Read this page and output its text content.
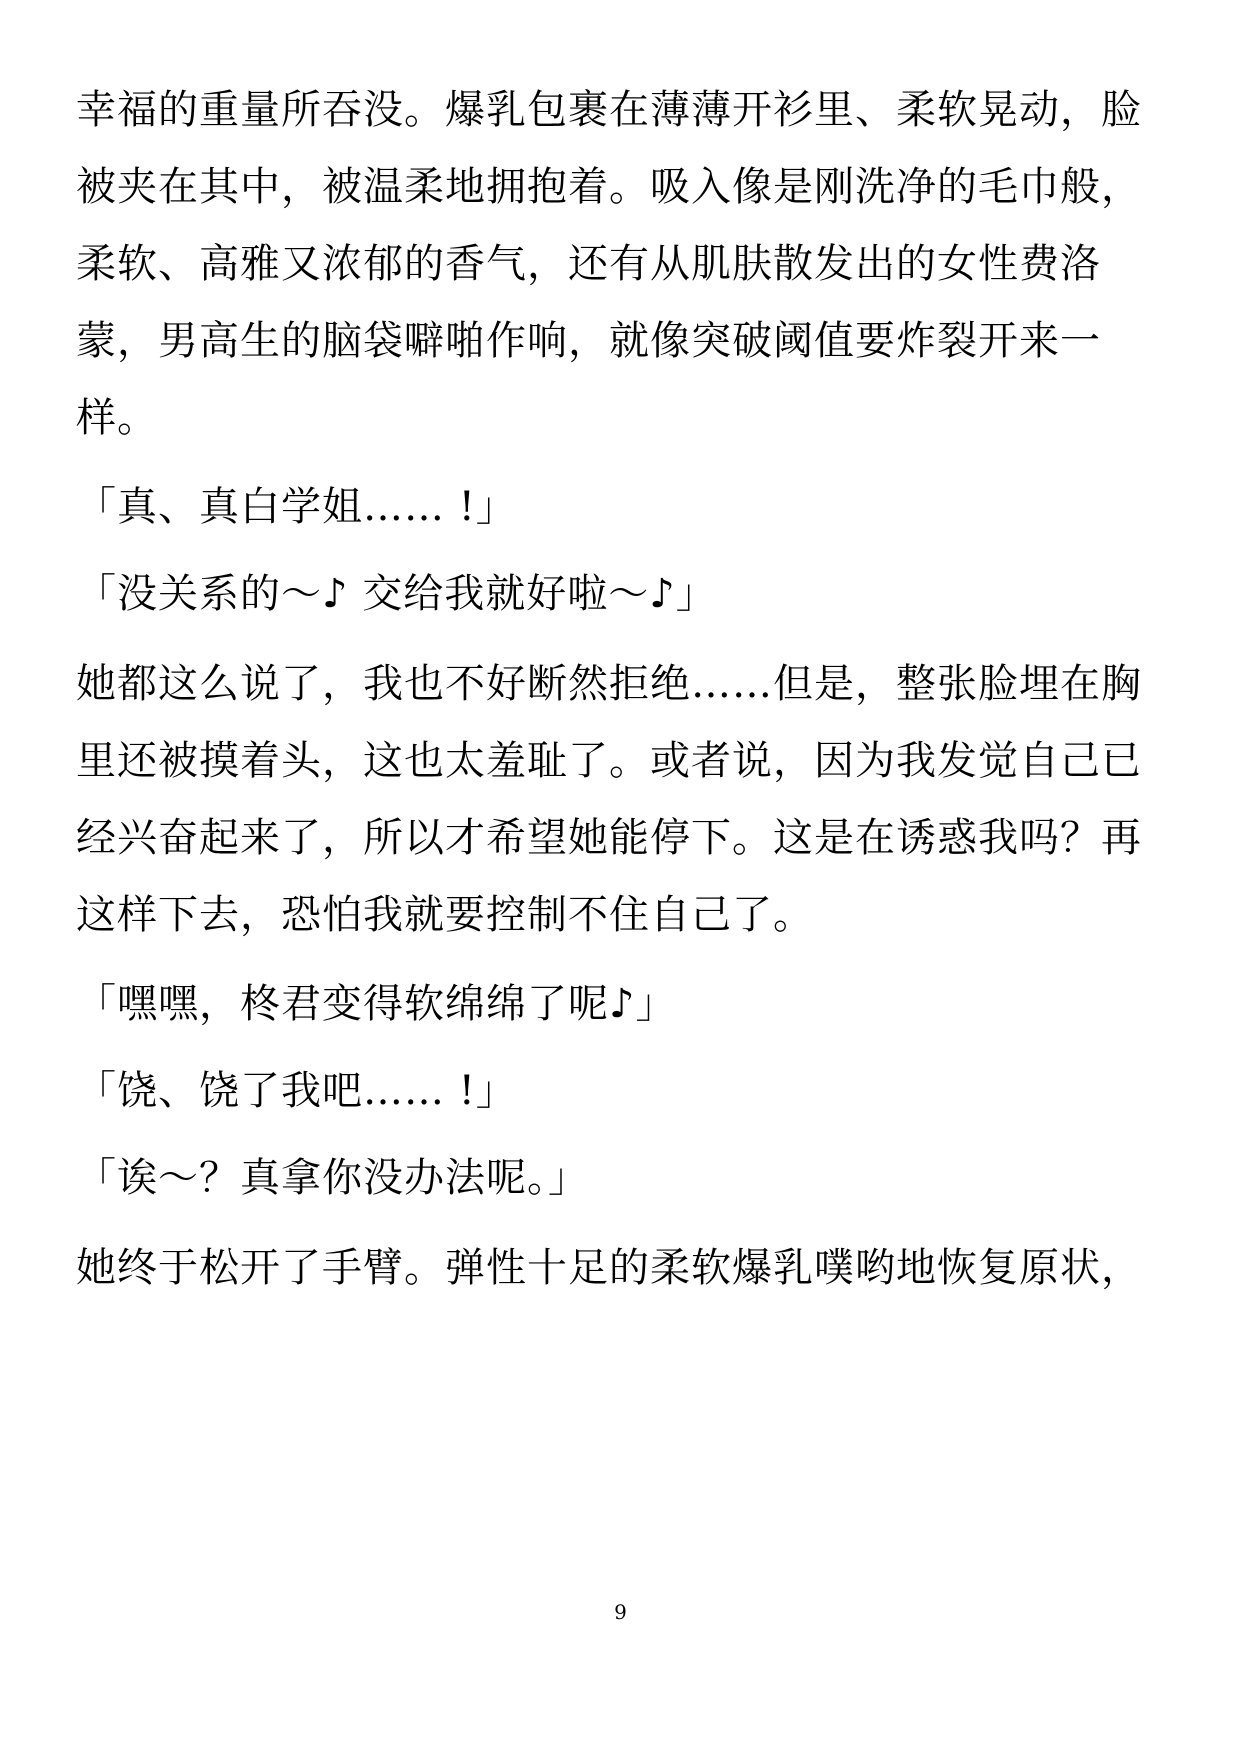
幸福的重量所吞没。爆乳包裹在薄薄开衫里、柔软晃动，脸
被夹在其中，被温柔地拥抱着。吸入像是刚洗净的毛巾般，
柔软、高雅又浓郁的香气，还有从肌肤散发出的女性费洛
蒙，男高生的脑袋噼啪作响，就像突破阈值要炸裂开来一
样。
「真、真白学姐…… !」
「没关系的～♪ 交给我就好啦～♪」
她都这么说了，我也不好断然拒绝……但是，整张脸埋在胸
里还被摸着头，这也太羞耻了。或者说，因为我发觉自己已
经兴奋起来了，所以才希望她能停下。这是在诱惑我吗？再
这样下去，恐怕我就要控制不住自己了。
「嘿嘿，柊君变得软绵绵了呢♪」
「饶、饶了我吧…… !」
「诶～？真拿你没办法呢。」
她终于松开了手臂。弹性十足的柔软爆乳噗哟地恢复原状，
9
